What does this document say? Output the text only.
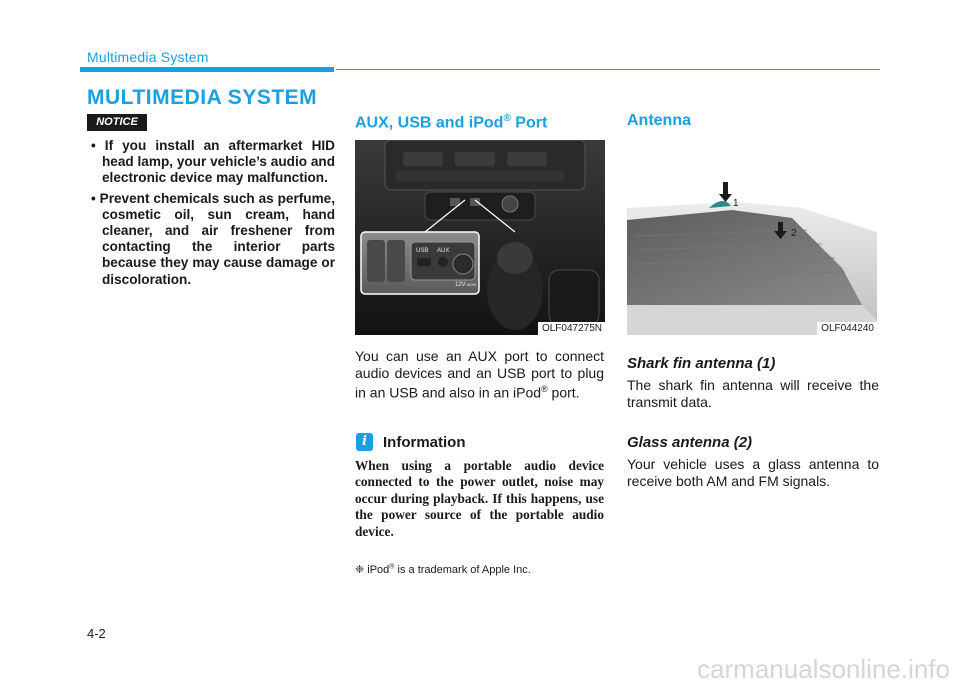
Multimedia System
MULTIMEDIA SYSTEM
NOTICE
• If you install an aftermarket HID head lamp, your vehicle’s audio and electronic device may malfunction.
• Prevent chemicals such as perfume, cosmetic oil, sun cream, hand cleaner, and air freshener from contacting the interior parts because they may cause damage or discoloration.
AUX, USB and iPod® Port
USB AUX
12V 180W
OLF047275N
You can use an AUX port to connect audio devices and an USB port to plug in an USB and also in an iPod® port.
i	Information
When using a portable audio device connected to the power outlet, noise may occur during playback. If this happens, use the power source of the portable audio device.
❈ iPod® is a trademark of Apple Inc.
Antenna
1
2
OLF044240
Shark fin antenna (1)
The shark fin antenna will receive the transmit data.
Glass antenna (2)
Your vehicle uses a glass antenna to receive both AM and FM signals.
4-2
carmanualsonline.info
